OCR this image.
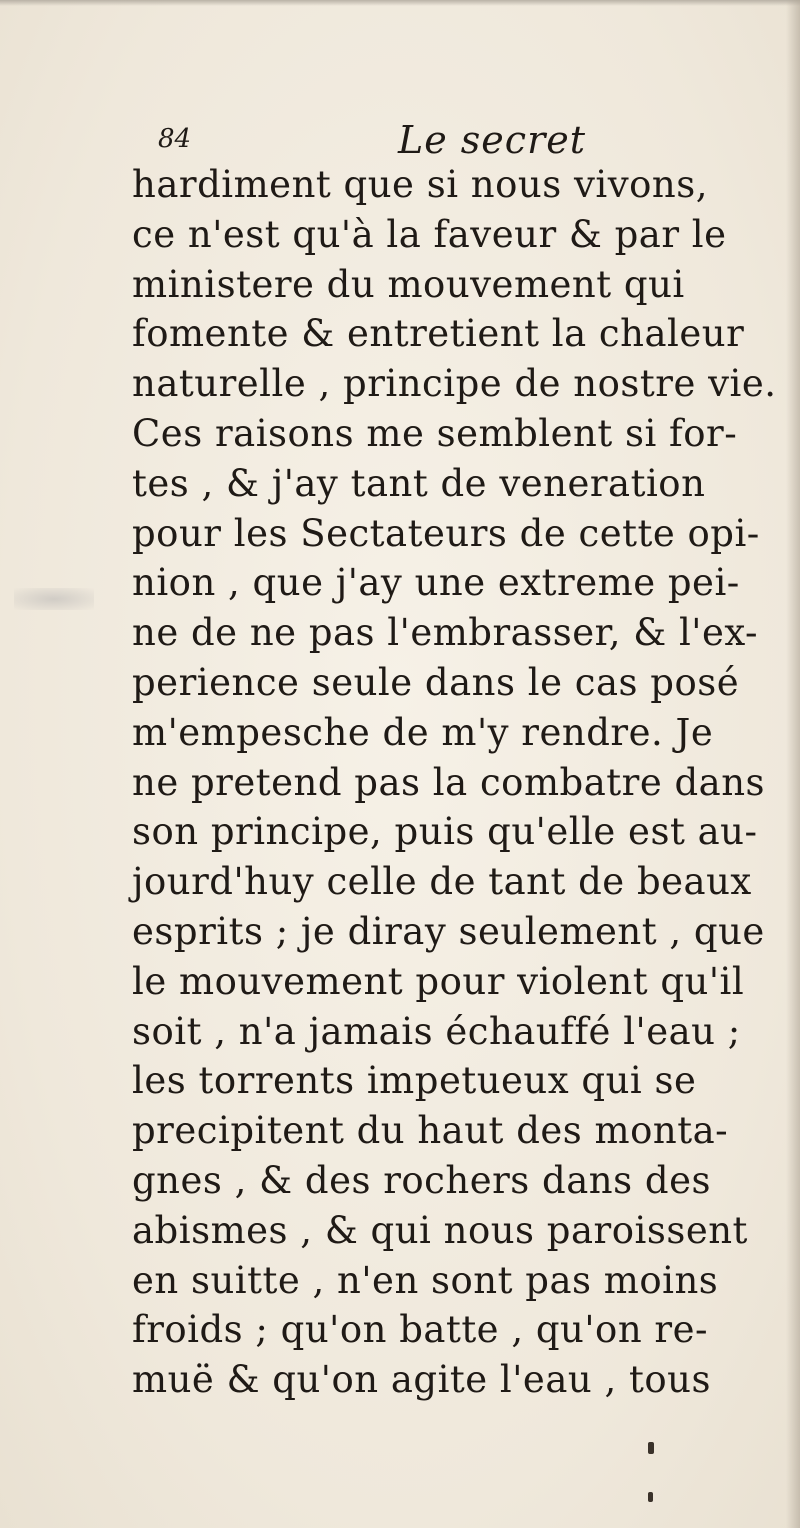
84	Le secret
hardiment que si nous vivons,
ce n'est qu'à la faveur & par le
ministere du mouvement qui
fomente & entretient la chaleur
naturelle , principe de nostre vie.
Ces raisons me semblent si for-
tes , & j'ay tant de veneration
pour les Sectateurs de cette opi-
nion , que j'ay une extreme pei-
ne de ne pas l'embrasser, & l'ex-
perience seule dans le cas posé
m'empesche de m'y rendre. Je
ne pretend pas la combatre dans
son principe, puis qu'elle est au-
jourd'huy celle de tant de beaux
esprits ; je diray seulement , que
le mouvement pour violent qu'il
soit , n'a jamais échauffé l'eau ;
les torrents impetueux qui se
precipitent du haut des monta-
gnes , & des rochers dans des
abismes , & qui nous paroissent
en suitte , n'en sont pas moins
froids ; qu'on batte , qu'on re-
muë & qu'on agite l'eau , tous
